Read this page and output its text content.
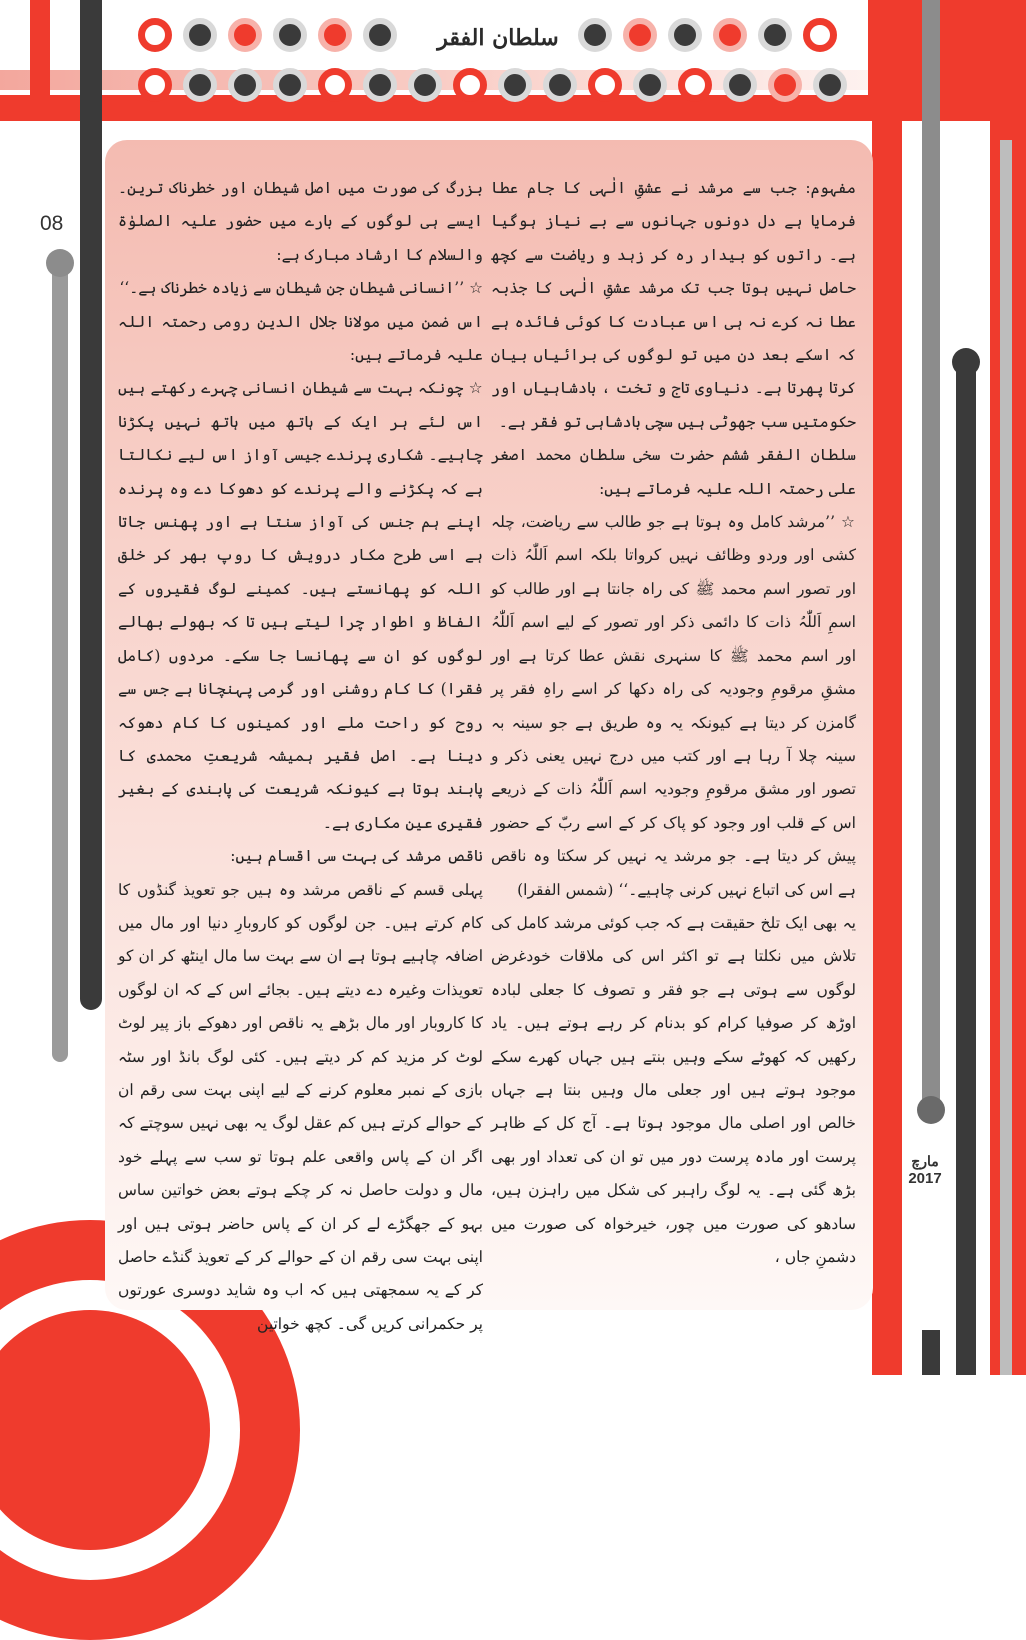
سلطان الفقر

مفہوم: جب سے مرشد نے عشقِ الٰہی کا جام عطا فرمایا ہے دل دونوں جہانوں سے بے نیاز ہوگیا ہے۔ راتوں کو بیدار رہ کر زہد و ریاضت سے کچھ حاصل نہیں ہوتا جب تک مرشد عشقِ الٰہی کا جذبہ عطا نہ کرے نہ ہی اس عبادت کا کوئی فائدہ ہے کہ اسکے بعد دن میں تو لوگوں کی برائیاں بیان کرتا پھرتا ہے۔ دنیاوی تاج و تخت ، بادشاہیاں اور حکومتیں سب جھوٹی ہیں سچی بادشاہی تو فقر ہے۔

سلطان الفقر ششم حضرت سخی سلطان محمد اصغر علی رحمتہ اللہ علیہ فرماتے ہیں:

☆ ’’مرشد کامل وہ ہوتا ہے جو طالب سے ریاضت، چلہ کشی اور وردو وظائف نہیں کرواتا بلکہ اسم اَللّٰہُ ذات اور تصور اسم محمد ﷺ کی راہ جانتا ہے اور طالب کو اسمِ اَللّٰہُ ذات کا دائمی ذکر اور تصور کے لیے اسم اَللّٰہُ اور اسم محمد ﷺ کا سنہری نقش عطا کرتا ہے اور مشقِ مرقومِ وجودیہ کی راہ دکھا کر اسے راہِ فقر پر گامزن کر دیتا ہے کیونکہ یہ وہ طریق ہے جو سینہ بہ سینہ چلا آ رہا ہے اور کتب میں درج نہیں یعنی ذکر و تصور اور مشق مرقومِ وجودیہ اسم اَللّٰہُ ذات کے ذریعے اس کے قلب اور وجود کو پاک کر کے اسے ربّ کے حضور پیش کر دیتا ہے۔ جو مرشد یہ نہیں کر سکتا وہ ناقص ہے اس کی اتباع نہیں کرنی چاہیے۔‘‘ (شمس الفقرا)

یہ بھی ایک تلخ حقیقت ہے کہ جب کوئی مرشد کامل کی تلاش میں نکلتا ہے تو اکثر اس کی ملاقات خودغرض لوگوں سے ہوتی ہے جو فقر و تصوف کا جعلی لبادہ اوڑھ کر صوفیا کرام کو بدنام کر رہے ہوتے ہیں۔ یاد رکھیں کہ کھوٹے سکے وہیں بنتے ہیں جہاں کھرے سکے موجود ہوتے ہیں اور جعلی مال وہیں بنتا ہے جہاں خالص اور اصلی مال موجود ہوتا ہے۔ آج کل کے ظاہر پرست اور مادہ پرست دور میں تو ان کی تعداد اور بھی بڑھ گئی ہے۔ یہ لوگ راہبر کی شکل میں راہزن ہیں، سادھو کی صورت میں چور، خیرخواہ کی صورت میں دشمنِ جاں ،

بزرگ کی صورت میں اصل شیطان اور خطرناک ترین۔ ایسے ہی لوگوں کے بارے میں حضور علیہ الصلوٰۃ والسلام کا ارشاد مبارک ہے:

☆ ’’انسانی شیطان جن شیطان سے زیادہ خطرناک ہے۔‘‘

اس ضمن میں مولانا جلال الدین رومی رحمتہ اللہ علیہ فرماتے ہیں:

☆ چونکہ بہت سے شیطان انسانی چہرے رکھتے ہیں اس لئے ہر ایک کے ہاتھ میں ہاتھ نہیں پکڑنا چاہیے۔ شکاری پرندے جیسی آواز اس لیے نکالتا ہے کہ پکڑنے والے پرندے کو دھوکا دے وہ پرندہ اپنے ہم جنس کی آواز سنتا ہے اور پھنس جاتا ہے اسی طرح مکار درویش کا روپ بھر کر خلق اللہ کو پھانستے ہیں۔ کمینے لوگ فقیروں کے الفاظ و اطوار چرا لیتے ہیں تا کہ بھولے بھالے لوگوں کو ان سے پھانسا جا سکے۔ مردوں (کامل فقرا) کا کام روشنی اور گرمی پہنچانا ہے جس سے روح کو راحت ملے اور کمینوں کا کام دھوکہ دینا ہے۔ اصل فقیر ہمیشہ شریعتِ محمدی کا پابند ہوتا ہے کیونکہ شریعت کی پابندی کے بغیر فقیری عین مکاری ہے۔

ناقص مرشد کی بہت سی اقسام ہیں:

پہلی قسم کے ناقص مرشد وہ ہیں جو تعویذ گنڈوں کا کام کرتے ہیں۔ جن لوگوں کو کاروبارِ دنیا اور مال میں اضافہ چاہیے ہوتا ہے ان سے بہت سا مال اینٹھ کر ان کو تعویذات وغیرہ دے دیتے ہیں۔ بجائے اس کے کہ ان لوگوں کا کاروبار اور مال بڑھے یہ ناقص اور دھوکے باز پیر لوٹ لوٹ کر مزید کم کر دیتے ہیں۔ کئی لوگ بانڈ اور سٹہ بازی کے نمبر معلوم کرنے کے لیے اپنی بہت سی رقم ان کے حوالے کرتے ہیں کم عقل لوگ یہ بھی نہیں سوچتے کہ اگر ان کے پاس واقعی علم ہوتا تو سب سے پہلے خود مال و دولت حاصل نہ کر چکے ہوتے بعض خواتین ساس بہو کے جھگڑے لے کر ان کے پاس حاضر ہوتی ہیں اور اپنی بہت سی رقم ان کے حوالے کر کے تعویذ گنڈے حاصل کر کے یہ سمجھتی ہیں کہ اب وہ شاید دوسری عورتوں پر حکمرانی کریں گی۔ کچھ خواتین

08
مارچ
2017
